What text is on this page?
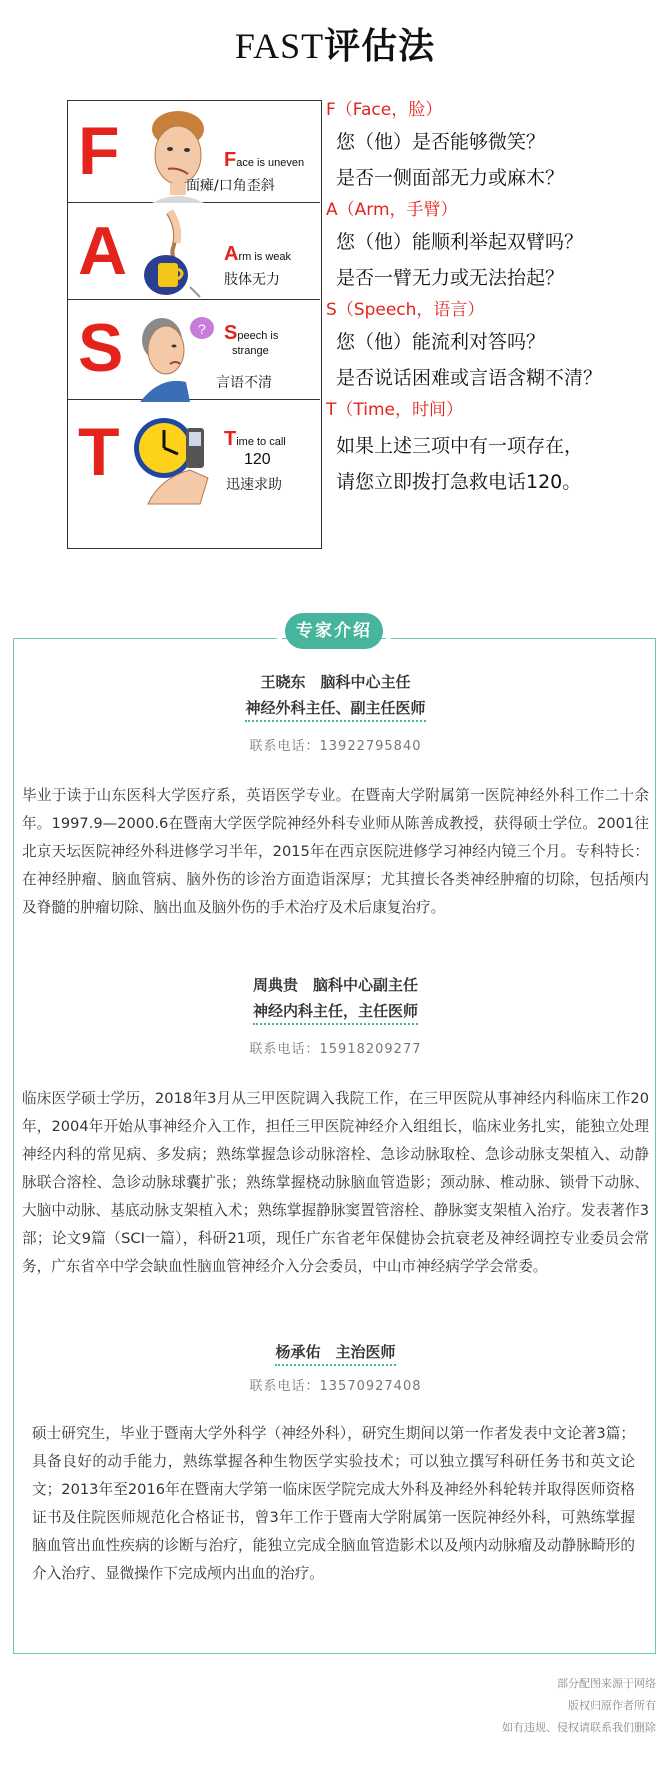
FAST评估法
F	Face is uneven
面瘫/口角歪斜
A	Arm is weak
肢体无力
S	? Speech is
strange
言语不清
T	Time to call
120
迅速求助
F（Face，脸）
您（他）是否能够微笑？
是否一侧面部无力或麻木？
A（Arm，手臂）
您（他）能顺利举起双臂吗？
是否一臂无力或无法抬起？
S（Speech，语言）
您（他）能流利对答吗？
是否说话困难或言语含糊不清？
T（Time，时间）
如果上述三项中有一项存在，
请您立即拨打急救电话120。
王晓东　脑科中心主任
神经外科主任、副主任医师
联系电话：13922795840
毕业于读于山东医科大学医疗系，英语医学专业。在暨南大学附属第一医院神经外科工作二十余年。1997.9—2000.6在暨南大学医学院神经外科专业师从陈善成教授，获得硕士学位。2001往北京天坛医院神经外科进修学习半年，2015年在西京医院进修学习神经内镜三个月。专科特长：在神经肿瘤、脑血管病、脑外伤的诊治方面造诣深厚；尤其擅长各类神经肿瘤的切除，包括颅内及脊髓的肿瘤切除、脑出血及脑外伤的手术治疗及术后康复治疗。
周典贵　脑科中心副主任
神经内科主任，主任医师
联系电话：15918209277
临床医学硕士学历，2018年3月从三甲医院调入我院工作，在三甲医院从事神经内科临床工作20年，2004年开始从事神经介入工作，担任三甲医院神经介入组组长，临床业务扎实，能独立处理神经内科的常见病、多发病；熟练掌握急诊动脉溶栓、急诊动脉取栓、急诊动脉支架植入、动静脉联合溶栓、急诊动脉球囊扩张；熟练掌握桡动脉脑血管造影；颈动脉、椎动脉、锁骨下动脉、大脑中动脉、基底动脉支架植入术；熟练掌握静脉窦置管溶栓、静脉窦支架植入治疗。发表著作3部；论文9篇（SCI一篇），科研21项，现任广东省老年保健协会抗衰老及神经调控专业委员会常务，广东省卒中学会缺血性脑血管神经介入分会委员，中山市神经病学学会常委。
杨承佑　主治医师
联系电话：13570927408
硕士研究生，毕业于暨南大学外科学（神经外科），研究生期间以第一作者发表中文论著3篇；具备良好的动手能力，熟练掌握各种生物医学实验技术；可以独立撰写科研任务书和英文论文；2013年至2016年在暨南大学第一临床医学院完成大外科及神经外科轮转并取得医师资格证书及住院医师规范化合格证书，曾3年工作于暨南大学附属第一医院神经外科，可熟练掌握脑血管出血性疾病的诊断与治疗，能独立完成全脑血管造影术以及颅内动脉瘤及动静脉畸形的介入治疗、显微操作下完成颅内出血的治疗。
专家介绍
部分配图来源于网络
版权归原作者所有
如有违规、侵权请联系我们删除
